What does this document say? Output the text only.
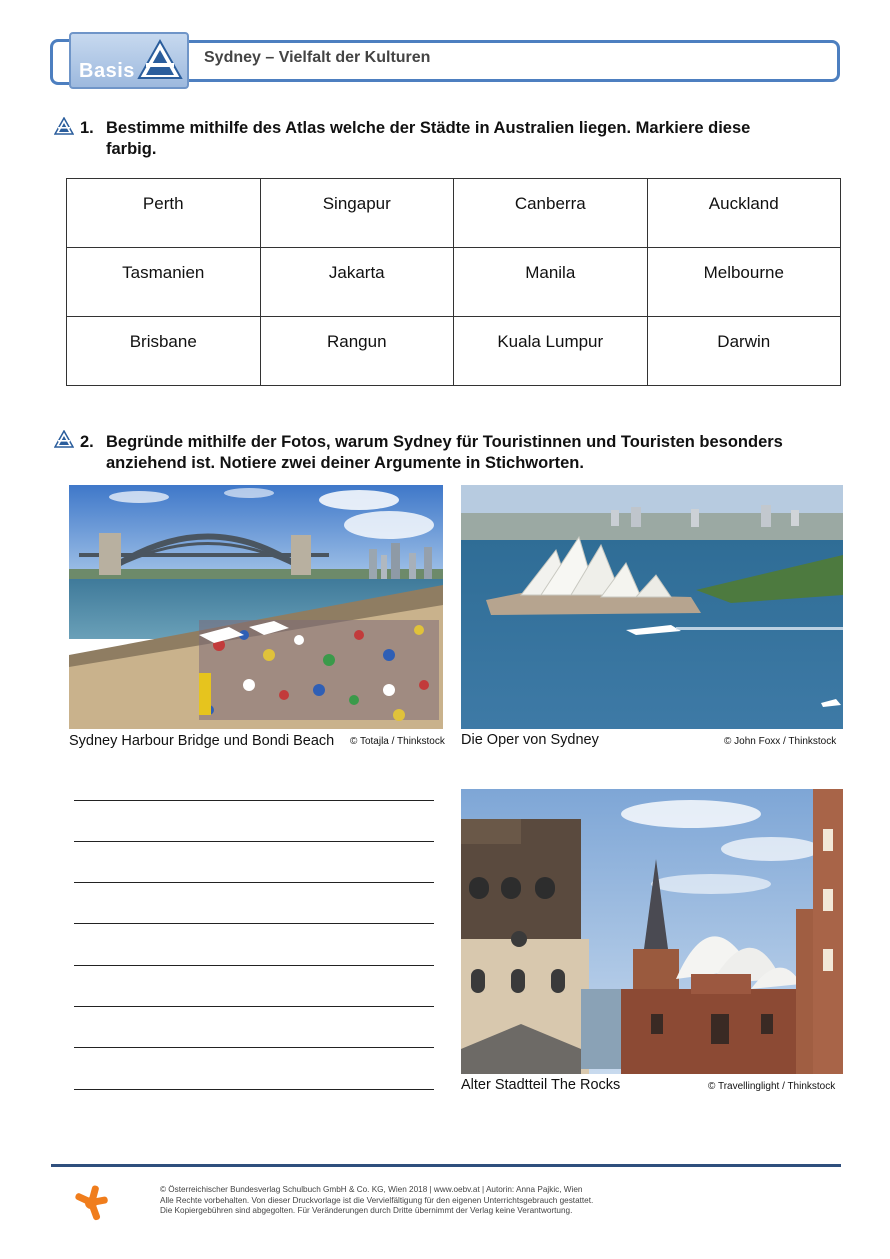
Sydney – Vielfalt der Kulturen
Basis
1. Bestimme mithilfe des Atlas welche der Städte in Australien liegen. Markiere diese
farbig.
Perth	Singapur	Canberra	Auckland
Tasmanien	Jakarta	Manila	Melbourne
Brisbane	Rangun	Kuala Lumpur	Darwin
2. Begründe mithilfe der Fotos, warum Sydney für Touristinnen und Touristen besonders
anziehend ist. Notiere zwei deiner Argumente in Stichworten.
Sydney Harbour Bridge und Bondi Beach © Totajla / Thinkstock Die Oper von Sydney	© John Foxx / Thinkstock
Alter Stadtteil The Rocks	© Travellinglight / Thinkstock
© Österreichischer Bundesverlag Schulbuch GmbH & Co. KG, Wien 2018 | www.oebv.at | Autorin: Anna Pajkic, Wien
Alle Rechte vorbehalten. Von dieser Druckvorlage ist die Vervielfältigung für den eigenen Unterrichtsgebrauch gestattet.
Die Kopiergebühren sind abgegolten. Für Veränderungen durch Dritte übernimmt der Verlag keine Verantwortung.
